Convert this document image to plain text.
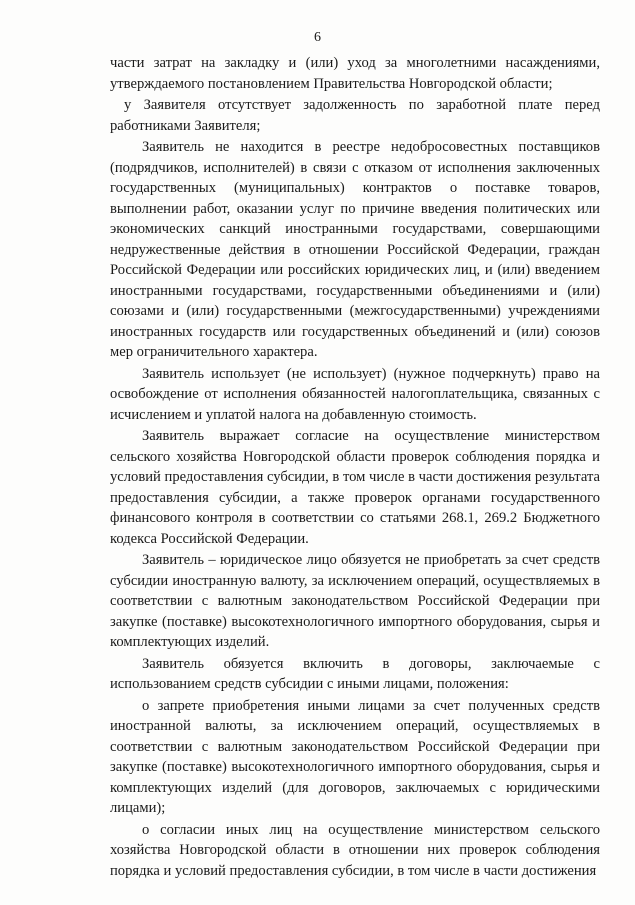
6

части затрат на закладку и (или) уход за многолетними насаждениями, утверждаемого постановлением Правительства Новгородской области;

у Заявителя отсутствует задолженность по заработной плате перед работниками Заявителя;

Заявитель не находится в реестре недобросовестных поставщиков (подрядчиков, исполнителей) в связи с отказом от исполнения заключенных государственных (муниципальных) контрактов о поставке товаров, выполнении работ, оказании услуг по причине введения политических или экономических санкций иностранными государствами, совершающими недружественные действия в отношении Российской Федерации, граждан Российской Федерации или российских юридических лиц, и (или) введением иностранными государствами, государственными объединениями и (или) союзами и (или) государственными (межгосударственными) учреждениями иностранных государств или государственных объединений и (или) союзов мер ограничительного характера.

Заявитель использует (не использует) (нужное подчеркнуть) право на освобождение от исполнения обязанностей налогоплательщика, связанных с исчислением и уплатой налога на добавленную стоимость.

Заявитель выражает согласие на осуществление министерством сельского хозяйства Новгородской области проверок соблюдения порядка и условий предоставления субсидии, в том числе в части достижения результата предоставления субсидии, а также проверок органами государственного финансового контроля в соответствии со статьями 268.1, 269.2 Бюджетного кодекса Российской Федерации.

Заявитель – юридическое лицо обязуется не приобретать за счет средств субсидии иностранную валюту, за исключением операций, осуществляемых в соответствии с валютным законодательством Российской Федерации при закупке (поставке) высокотехнологичного импортного оборудования, сырья и комплектующих изделий.

Заявитель обязуется включить в договоры, заключаемые с использованием средств субсидии с иными лицами, положения:

о запрете приобретения иными лицами за счет полученных средств иностранной валюты, за исключением операций, осуществляемых в соответствии с валютным законодательством Российской Федерации при закупке (поставке) высокотехнологичного импортного оборудования, сырья и комплектующих изделий (для договоров, заключаемых с юридическими лицами);

о согласии иных лиц на осуществление министерством сельского хозяйства Новгородской области в отношении них проверок соблюдения порядка и условий предоставления субсидии, в том числе в части достижения
